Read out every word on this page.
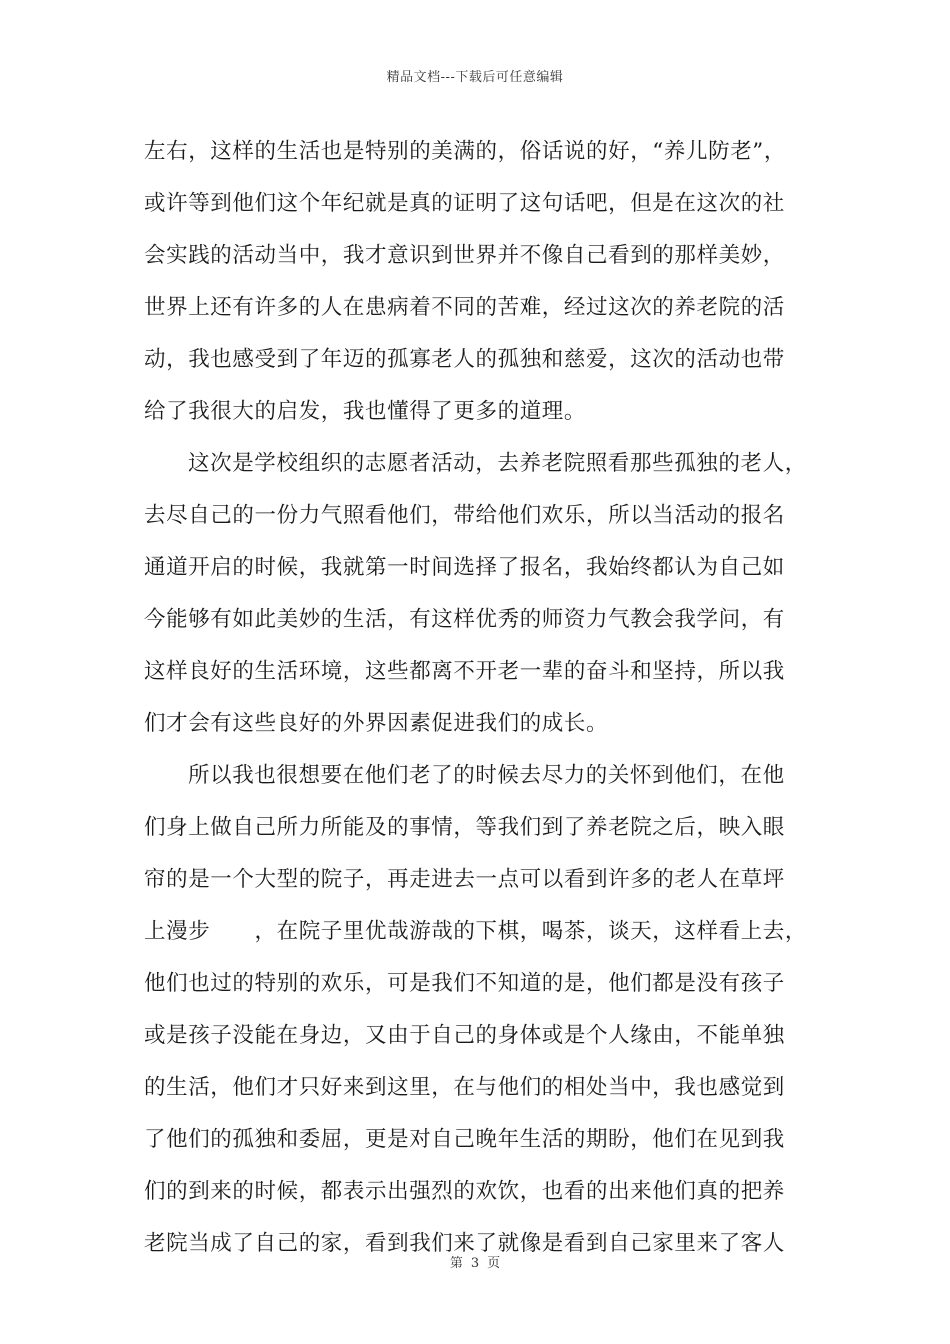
精品文档---下载后可任意编辑
左右，这样的生活也是特别的美满的，俗话说的好，“养儿防老”，
或许等到他们这个年纪就是真的证明了这句话吧，但是在这次的社
会实践的活动当中，我才意识到世界并不像自己看到的那样美妙，
世界上还有许多的人在患病着不同的苦难，经过这次的养老院的活
动，我也感受到了年迈的孤寡老人的孤独和慈爱，这次的活动也带
给了我很大的启发，我也懂得了更多的道理。
这次是学校组织的志愿者活动，去养老院照看那些孤独的老人，
去尽自己的一份力气照看他们，带给他们欢乐，所以当活动的报名
通道开启的时候，我就第一时间选择了报名，我始终都认为自己如
今能够有如此美妙的生活，有这样优秀的师资力气教会我学问，有
这样良好的生活环境，这些都离不开老一辈的奋斗和坚持，所以我
们才会有这些良好的外界因素促进我们的成长。
所以我也很想要在他们老了的时候去尽力的关怀到他们，在他
们身上做自己所力所能及的事情，等我们到了养老院之后，映入眼
帘的是一个大型的院子，再走进去一点可以看到许多的老人在草坪
上漫步　　，在院子里优哉游哉的下棋，喝茶，谈天，这样看上去，
他们也过的特别的欢乐，可是我们不知道的是，他们都是没有孩子
或是孩子没能在身边，又由于自己的身体或是个人缘由，不能单独
的生活，他们才只好来到这里，在与他们的相处当中，我也感觉到
了他们的孤独和委屈，更是对自己晚年生活的期盼，他们在见到我
们的到来的时候，都表示出强烈的欢饮，也看的出来他们真的把养
老院当成了自己的家，看到我们来了就像是看到自己家里来了客人
第 3 页
